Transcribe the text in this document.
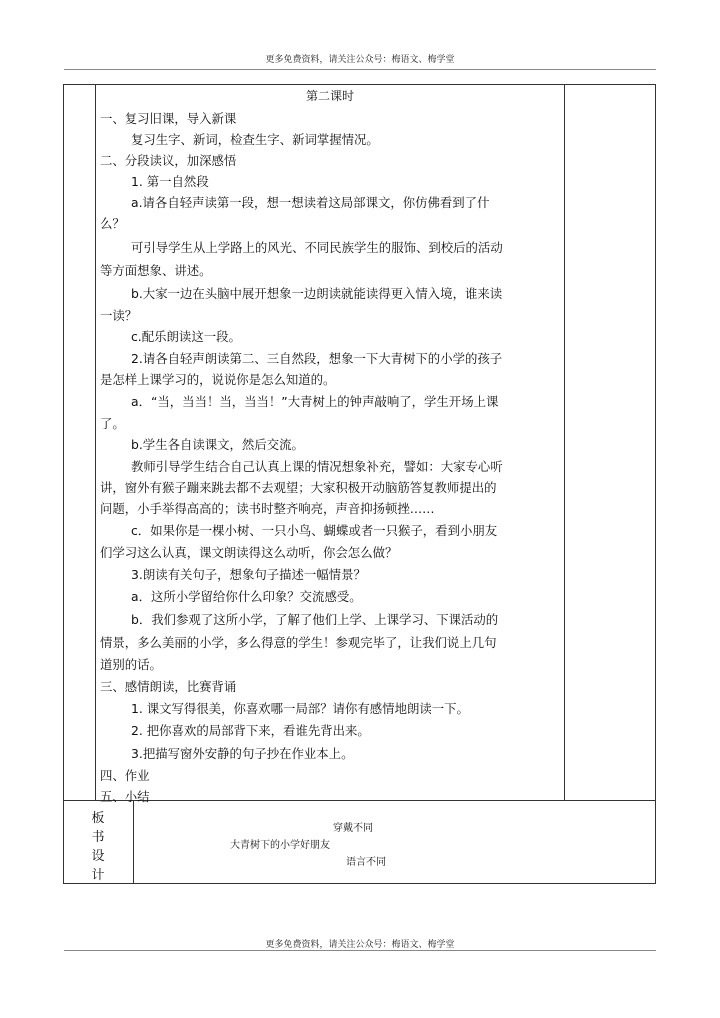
更多免费资料，请关注公众号：梅语文、梅学堂
第二课时
一、复习旧课，导入新课
复习生字、新词，检查生字、新词掌握情况。
二、分段读议，加深感悟
1. 第一自然段
a.请各自轻声读第一段，想一想读着这局部课文，你仿佛看到了什
么？
可引导学生从上学路上的风光、不同民族学生的服饰、到校后的活动
等方面想象、讲述。
b.大家一边在头脑中展开想象一边朗读就能读得更入情入境，谁来读
一读？
c.配乐朗读这一段。
2.请各自轻声朗读第二、三自然段，想象一下大青树下的小学的孩子
是怎样上课学习的，说说你是怎么知道的。
a．“当，当当！当，当当！”大青树上的钟声敲响了，学生开场上课
了。
b.学生各自读课文，然后交流。
教师引导学生结合自己认真上课的情况想象补充，譬如：大家专心听
讲，窗外有猴子蹦来跳去都不去观望；大家积极开动脑筋答复教师提出的
问题，小手举得高高的；读书时整齐响亮，声音抑扬顿挫……
c．如果你是一棵小树、一只小鸟、蝴蝶或者一只猴子，看到小朋友
们学习这么认真，课文朗读得这么动听，你会怎么做？
3.朗读有关句子，想象句子描述一幅情景？
a．这所小学留给你什么印象？交流感受。
b．我们参观了这所小学，了解了他们上学、上课学习、下课活动的
情景，多么美丽的小学，多么得意的学生！参观完毕了，让我们说上几句
道别的话。
三、感情朗读，比赛背诵
1. 课文写得很美，你喜欢哪一局部？请你有感情地朗读一下。
2. 把你喜欢的局部背下来，看谁先背出来。
3.把描写窗外安静的句子抄在作业本上。
四、作业
五、小结
板
书
设
计
穿戴不同
大青树下的小学好朋友
语言不同
更多免费资料，请关注公众号：梅语文、梅学堂
